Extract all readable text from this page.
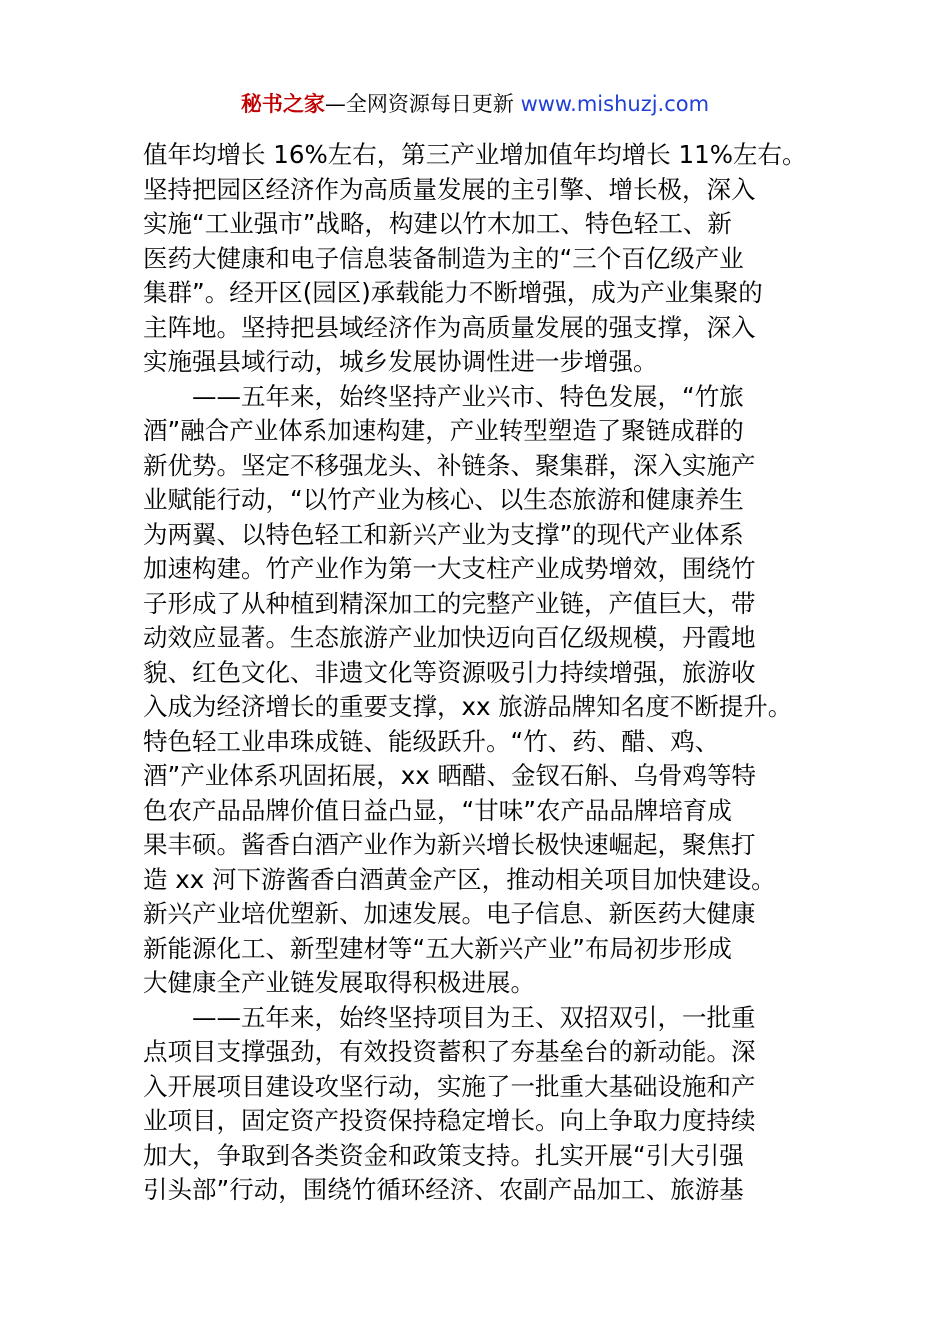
秘书之家—全网资源每日更新 www.mishuzj.com
值年均增长 16%左右，第三产业增加值年均增长 11%左右。
坚持把园区经济作为高质量发展的主引擎、增长极，深入
实施“工业强市”战略，构建以竹木加工、特色轻工、新
医药大健康和电子信息装备制造为主的“三个百亿级产业
集群”。经开区(园区)承载能力不断增强，成为产业集聚的
主阵地。坚持把县域经济作为高质量发展的强支撑，深入
实施强县域行动，城乡发展协调性进一步增强。
——五年来，始终坚持产业兴市、特色发展，“竹旅
酒”融合产业体系加速构建，产业转型塑造了聚链成群的
新优势。坚定不移强龙头、补链条、聚集群，深入实施产
业赋能行动，“以竹产业为核心、以生态旅游和健康养生
为两翼、以特色轻工和新兴产业为支撑”的现代产业体系
加速构建。竹产业作为第一大支柱产业成势增效，围绕竹
子形成了从种植到精深加工的完整产业链，产值巨大，带
动效应显著。生态旅游产业加快迈向百亿级规模，丹霞地
貌、红色文化、非遗文化等资源吸引力持续增强，旅游收
入成为经济增长的重要支撑，xx 旅游品牌知名度不断提升。
特色轻工业串珠成链、能级跃升。“竹、药、醋、鸡、
酒”产业体系巩固拓展，xx 晒醋、金钗石斛、乌骨鸡等特
色农产品品牌价值日益凸显，“甘味”农产品品牌培育成
果丰硕。酱香白酒产业作为新兴增长极快速崛起，聚焦打
造 xx 河下游酱香白酒黄金产区，推动相关项目加快建设。
新兴产业培优塑新、加速发展。电子信息、新医药大健康
新能源化工、新型建材等“五大新兴产业”布局初步形成
大健康全产业链发展取得积极进展。
——五年来，始终坚持项目为王、双招双引，一批重
点项目支撑强劲，有效投资蓄积了夯基垒台的新动能。深
入开展项目建设攻坚行动，实施了一批重大基础设施和产
业项目，固定资产投资保持稳定增长。向上争取力度持续
加大，争取到各类资金和政策支持。扎实开展“引大引强
引头部”行动，围绕竹循环经济、农副产品加工、旅游基
